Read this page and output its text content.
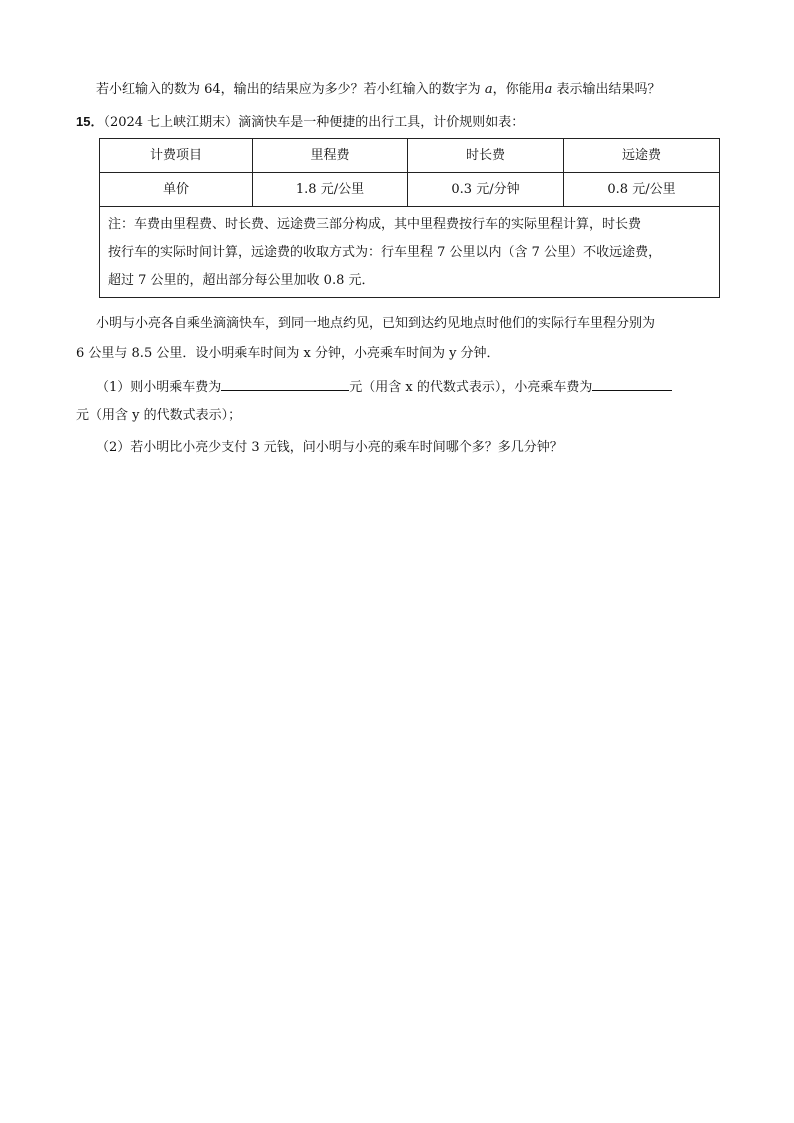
若小红输入的数为 64，输出的结果应为多少？若小红输入的数字为 a，你能用a 表示输出结果吗？
15．（2024 七上峡江期末）滴滴快车是一种便捷的出行工具，计价规则如表：
计费项目	里程费	时长费	远途费
单价	1.8 元/公里	0.3 元/分钟	0.8 元/公里

注：车费由里程费、时长费、远途费三部分构成，其中里程费按行车的实际里程计算，时长费
按行车的实际时间计算，远途费的收取方式为：行车里程 7 公里以内（含 7 公里）不收远途费，
超过 7 公里的，超出部分每公里加收 0.8 元．			
小明与小亮各自乘坐滴滴快车，到同一地点约见，已知到达约见地点时他们的实际行车里程分别为
6 公里与 8.5 公里．设小明乘车时间为 x 分钟，小亮乘车时间为 y 分钟．
（1）则小明乘车费为	元（用含 x 的代数式表示），小亮乘车费为
元（用含 y 的代数式表示）；
（2）若小明比小亮少支付 3 元钱，问小明与小亮的乘车时间哪个多？多几分钟？
